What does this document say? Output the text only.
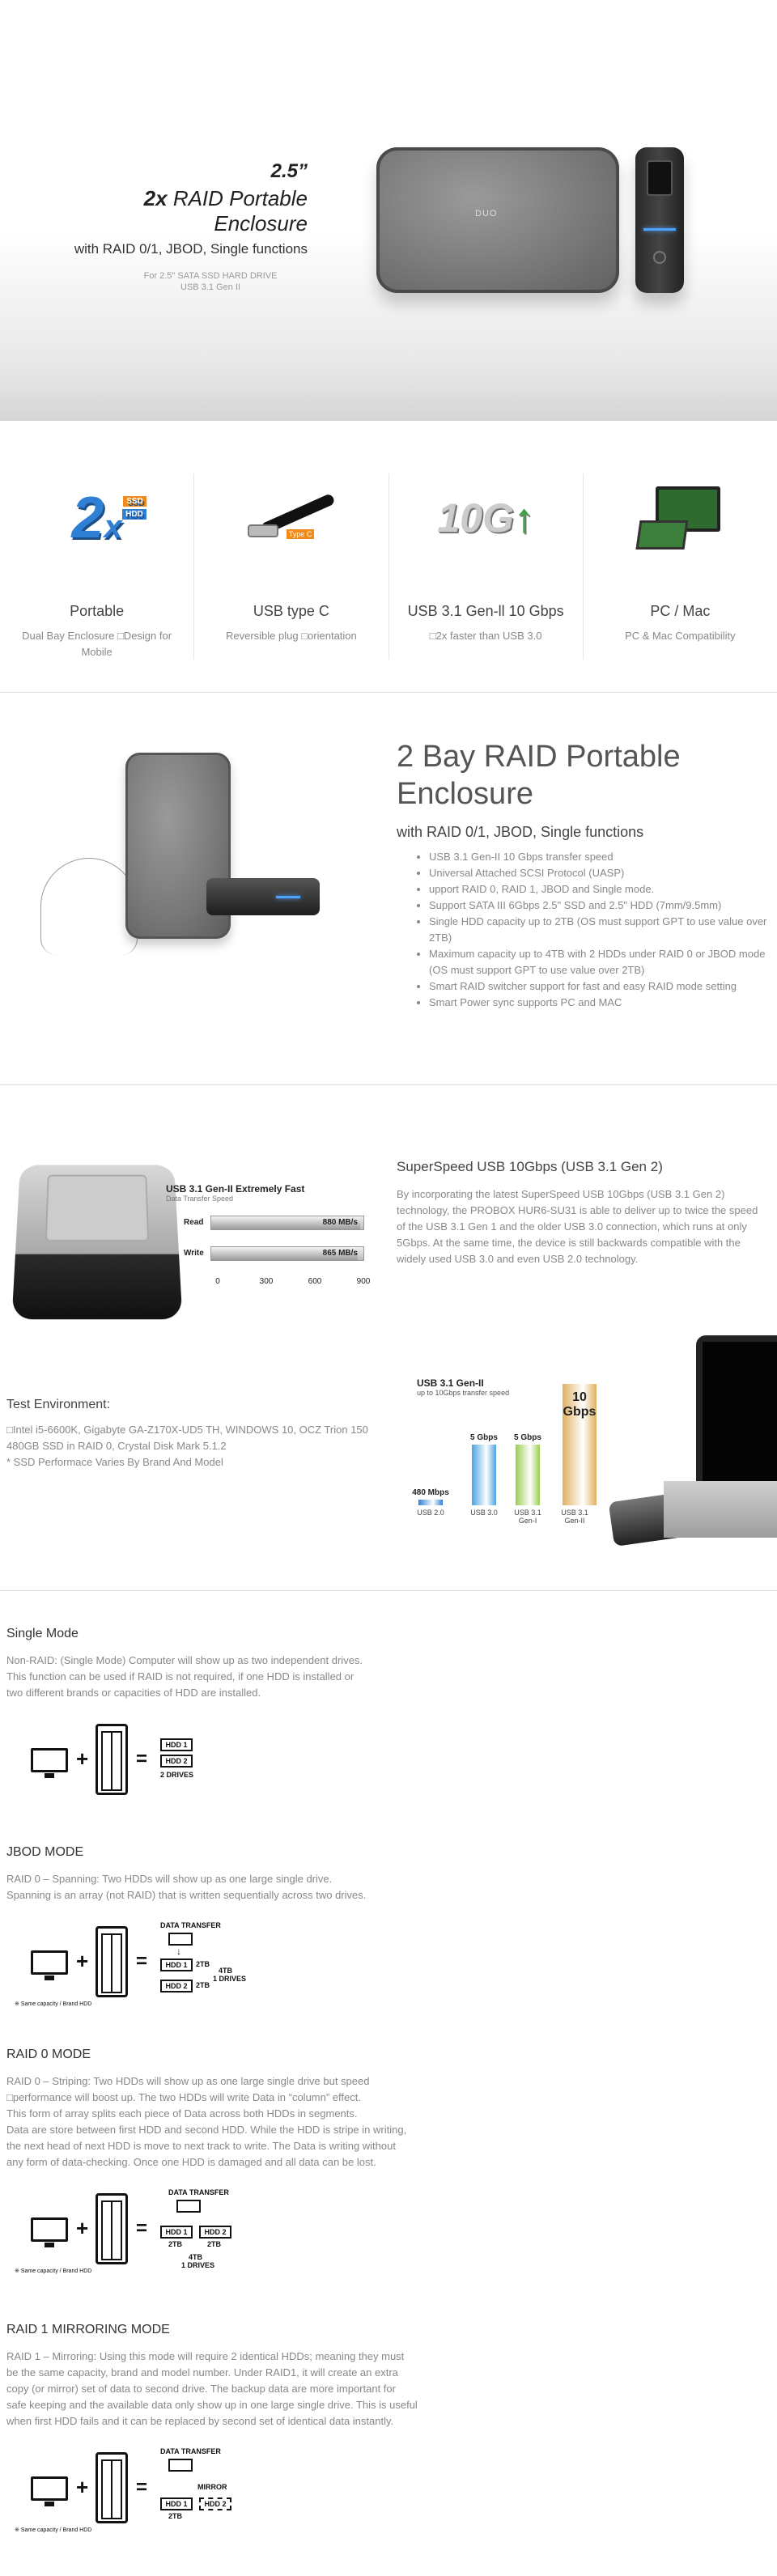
2.5”
2x RAID Portable Enclosure
with RAID 0/1, JBOD, Single functions
For 2.5" SATA SSD HARD DRIVE
USB 3.1 Gen II
DUO
2x
SSD
HDD
Portable
Dual Bay Enclosure □Design for Mobile
Type C
USB type C
Reversible plug □orientation
10G↑
USB 3.1 Gen-ll 10 Gbps
□2x faster than USB 3.0
PC / Mac
PC & Mac Compatibility
2 Bay RAID Portable Enclosure
with RAID 0/1, JBOD, Single functions
• USB 3.1 Gen-II 10 Gbps transfer speed
• Universal Attached SCSI Protocol (UASP)
• upport RAID 0, RAID 1, JBOD and Single mode.
• Support SATA III 6Gbps 2.5" SSD and 2.5" HDD (7mm/9.5mm)
• Single HDD capacity up to 2TB (OS must support GPT to use value over 2TB)
• Maximum capacity up to 4TB with 2 HDDs under RAID 0 or JBOD mode (OS must support GPT to use value over 2TB)
• Smart RAID switcher support for fast and easy RAID mode setting
• Smart Power sync supports PC and MAC
USB 3.1 Gen-II Extremely Fast
Data Transfer Speed
Read	880 MB/s
Write	865 MB/s
0	300	600	900
SuperSpeed USB 10Gbps (USB 3.1 Gen 2)
By incorporating the latest SuperSpeed USB 10Gbps (USB 3.1 Gen 2) technology, the PROBOX HUR6-SU31 is able to deliver up to twice the speed of the USB 3.1 Gen 1 and the older USB 3.0 connection, which runs at only 5Gbps. At the same time, the device is still backwards compatible with the widely used USB 3.0 and even USB 2.0 technology.
Test Environment:
□Intel i5-6600K, Gigabyte GA-Z170X-UD5 TH, WINDOWS 10, OCZ Trion 150 480GB SSD in RAID 0, Crystal Disk Mark 5.1.2
* SSD Performace Varies By Brand And Model
USB 3.1 Gen-II
up to 10Gbps transfer speed
480 Mbps
USB 2.0
5 Gbps
USB 3.0
5 Gbps
USB 3.1 Gen-I
10 Gbps
USB 3.1 Gen-II
Single Mode
Non-RAID: (Single Mode) Computer will show up as two independent drives.
This function can be used if RAID is not required, if one HDD is installed or
two different brands or capacities of HDD are installed.
+ =
HDD 1
HDD 2
2 DRIVES
JBOD MODE
RAID 0 – Spanning: Two HDDs will show up as one large single drive.
Spanning is an array (not RAID) that is written sequentially across two drives.
+ =
DATA TRANSFER
↓
HDD 1
HDD 2
2TB
2TB
4TB
1 DRIVES
※ Same capacity / Brand HDD
RAID 0 MODE
RAID 0 – Striping: Two HDDs will show up as one large single drive but speed
□performance will boost up. The two HDDs will write Data in “column” effect.
This form of array splits each piece of Data across both HDDs in segments.
Data are store between first HDD and second HDD. While the HDD is stripe in writing,
the next head of next HDD is move to next track to write. The Data is writing without
any form of data-checking. Once one HDD is damaged and all data can be lost.
+ =
DATA TRANSFER
HDD 1	HDD 2
2TB	2TB
4TB
1 DRIVES
※ Same capacity / Brand HDD
RAID 1 MIRRORING MODE
RAID 1 – Mirroring: Using this mode will require 2 identical HDDs; meaning they must
be the same capacity, brand and model number. Under RAID1, it will create an extra
copy (or mirror) set of data to second drive. The backup data are more important for
safe keeping and the available data only show up in one large single drive. This is useful
when first HDD fails and it can be replaced by second set of identical data instantly.
+ =
DATA TRANSFER
MIRROR
HDD 1	HDD 2
2TB
※ Same capacity / Brand HDD
